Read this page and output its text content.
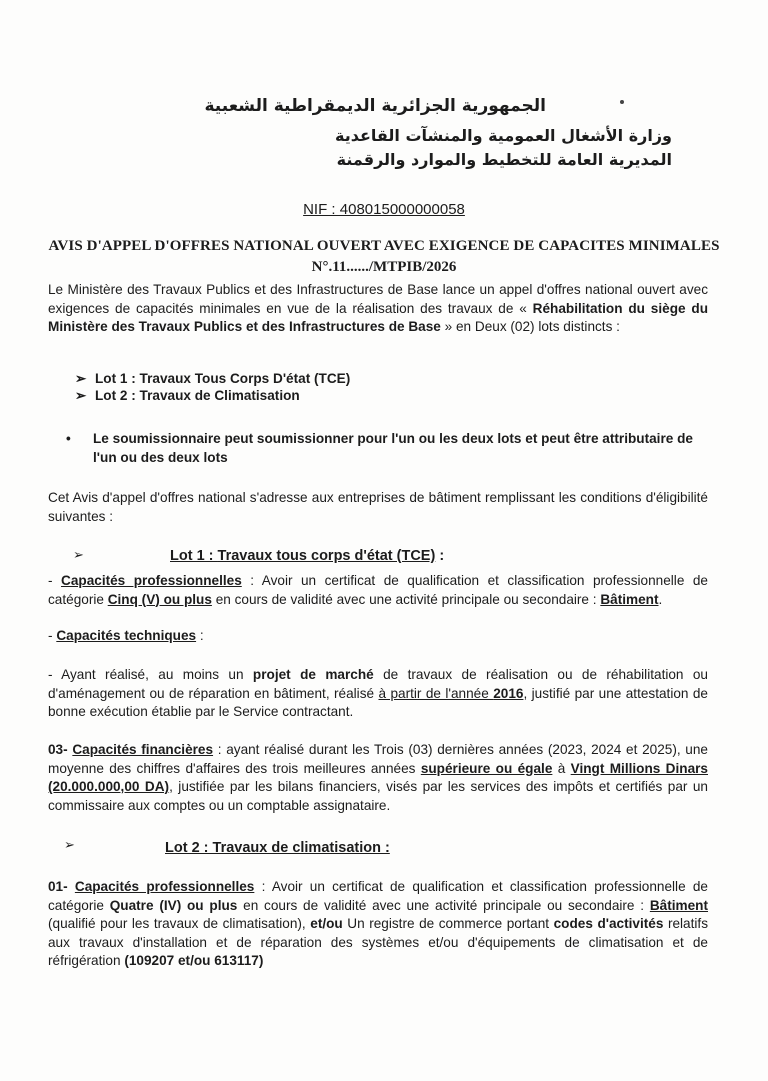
الجمهورية الجزائرية الديمقراطية الشعبية
وزارة الأشغال العمومية والمنشآت القاعدية
المديرية العامة للتخطيط والموارد والرقمنة
NIF : 408015000000058
AVIS D'APPEL D'OFFRES NATIONAL OUVERT AVEC EXIGENCE DE CAPACITES MINIMALES
N°.11....../MTPIB/2026
Le Ministère des Travaux Publics et des Infrastructures de Base lance un appel d'offres national ouvert avec exigences de capacités minimales en vue de la réalisation des travaux de « Réhabilitation du siège du Ministère des Travaux Publics et des Infrastructures de Base » en Deux (02) lots distincts :
➢ Lot 1 : Travaux Tous Corps D'état (TCE)
➢ Lot 2 : Travaux de Climatisation
•	Le soumissionnaire peut soumissionner pour l'un ou les deux lots et peut être attributaire de l'un ou des deux lots
Cet Avis d'appel d'offres national s'adresse aux entreprises de bâtiment remplissant les conditions d'éligibilité suivantes :
➢	Lot 1 : Travaux tous corps d'état (TCE) :
- Capacités professionnelles : Avoir un certificat de qualification et classification professionnelle de catégorie Cinq (V) ou plus en cours de validité avec une activité principale ou secondaire : Bâtiment.
- Capacités techniques :
- Ayant réalisé, au moins un projet de marché de travaux de réalisation ou de réhabilitation ou d'aménagement ou de réparation en bâtiment, réalisé à partir de l'année 2016, justifié par une attestation de bonne exécution établie par le Service contractant.
03- Capacités financières : ayant réalisé durant les Trois (03) dernières années (2023, 2024 et 2025), une moyenne des chiffres d'affaires des trois meilleures années supérieure ou égale à Vingt Millions Dinars (20.000.000,00 DA), justifiée par les bilans financiers, visés par les services des impôts et certifiés par un commissaire aux comptes ou un comptable assignataire.
➢	Lot 2 : Travaux de climatisation :
01- Capacités professionnelles : Avoir un certificat de qualification et classification professionnelle de catégorie Quatre (IV) ou plus en cours de validité avec une activité principale ou secondaire : Bâtiment (qualifié pour les travaux de climatisation), et/ou Un registre de commerce portant codes d'activités relatifs aux travaux d'installation et de réparation des systèmes et/ou d'équipements de climatisation et de réfrigération (109207 et/ou 613117)
